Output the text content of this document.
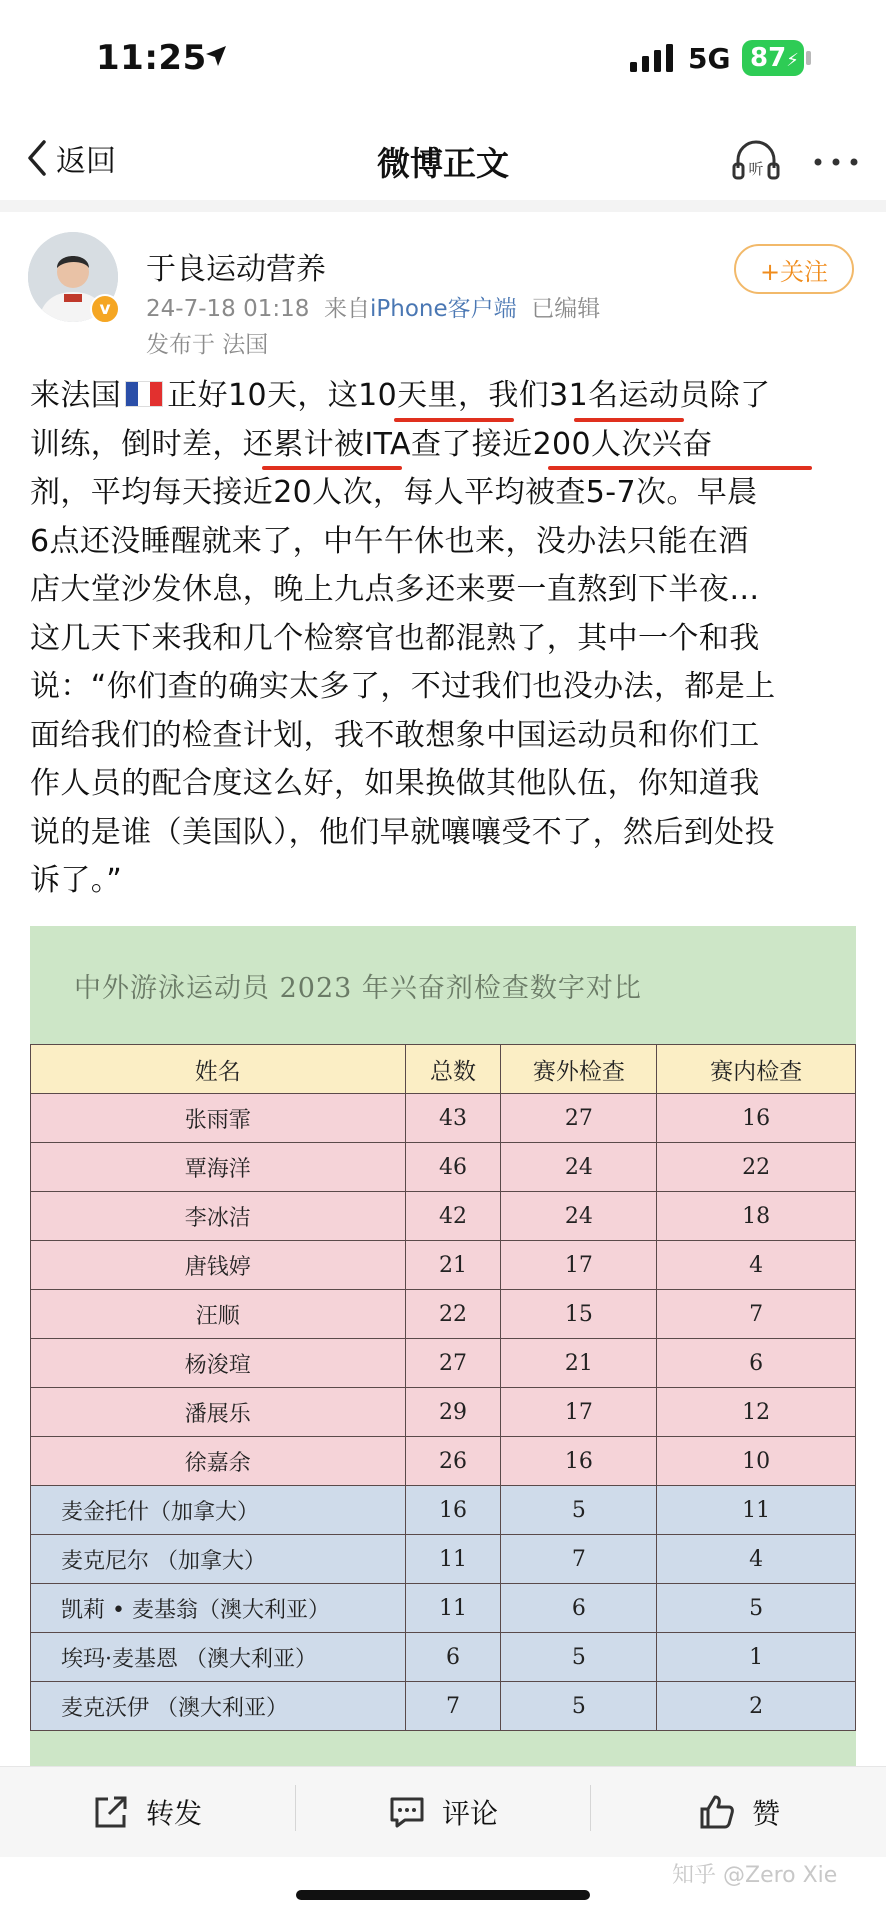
11:25	5G 87⚡
返回	微博正文	听
v
于良运动营养
24-7-18 01:18 来自iPhone客户端 已编辑
发布于 法国
+关注
来法国 正好10天，这10天里，我们31名运动员除了
训练，倒时差，还累计被ITA查了接近200人次兴奋
剂，平均每天接近20人次，每人平均被查5-7次。早晨
6点还没睡醒就来了，中午午休也来，没办法只能在酒
店大堂沙发休息，晚上九点多还来要一直熬到下半夜…
这几天下来我和几个检察官也都混熟了，其中一个和我
说：“你们查的确实太多了，不过我们也没办法，都是上
面给我们的检查计划，我不敢想象中国运动员和你们工
作人员的配合度这么好，如果换做其他队伍，你知道我
说的是谁（美国队），他们早就嚷嚷受不了，然后到处投
诉了。”
中外游泳运动员 2023 年兴奋剂检查数字对比
姓名	总数	赛外检查	赛内检查
张雨霏	43	27	16
覃海洋	46	24	22
李冰洁	42	24	18
唐钱婷	21	17	4
汪顺	22	15	7
杨浚瑄	27	21	6
潘展乐	29	17	12
徐嘉余	26	16	10
麦金托什（加拿大）	16	5	11
麦克尼尔 （加拿大）	11	7	4
凯莉 • 麦基翁（澳大利亚）	11	6	5
埃玛·麦基恩 （澳大利亚）	6	5	1
麦克沃伊 （澳大利亚）	7	5	2
转发	评论	赞
知乎 @Zero Xie
